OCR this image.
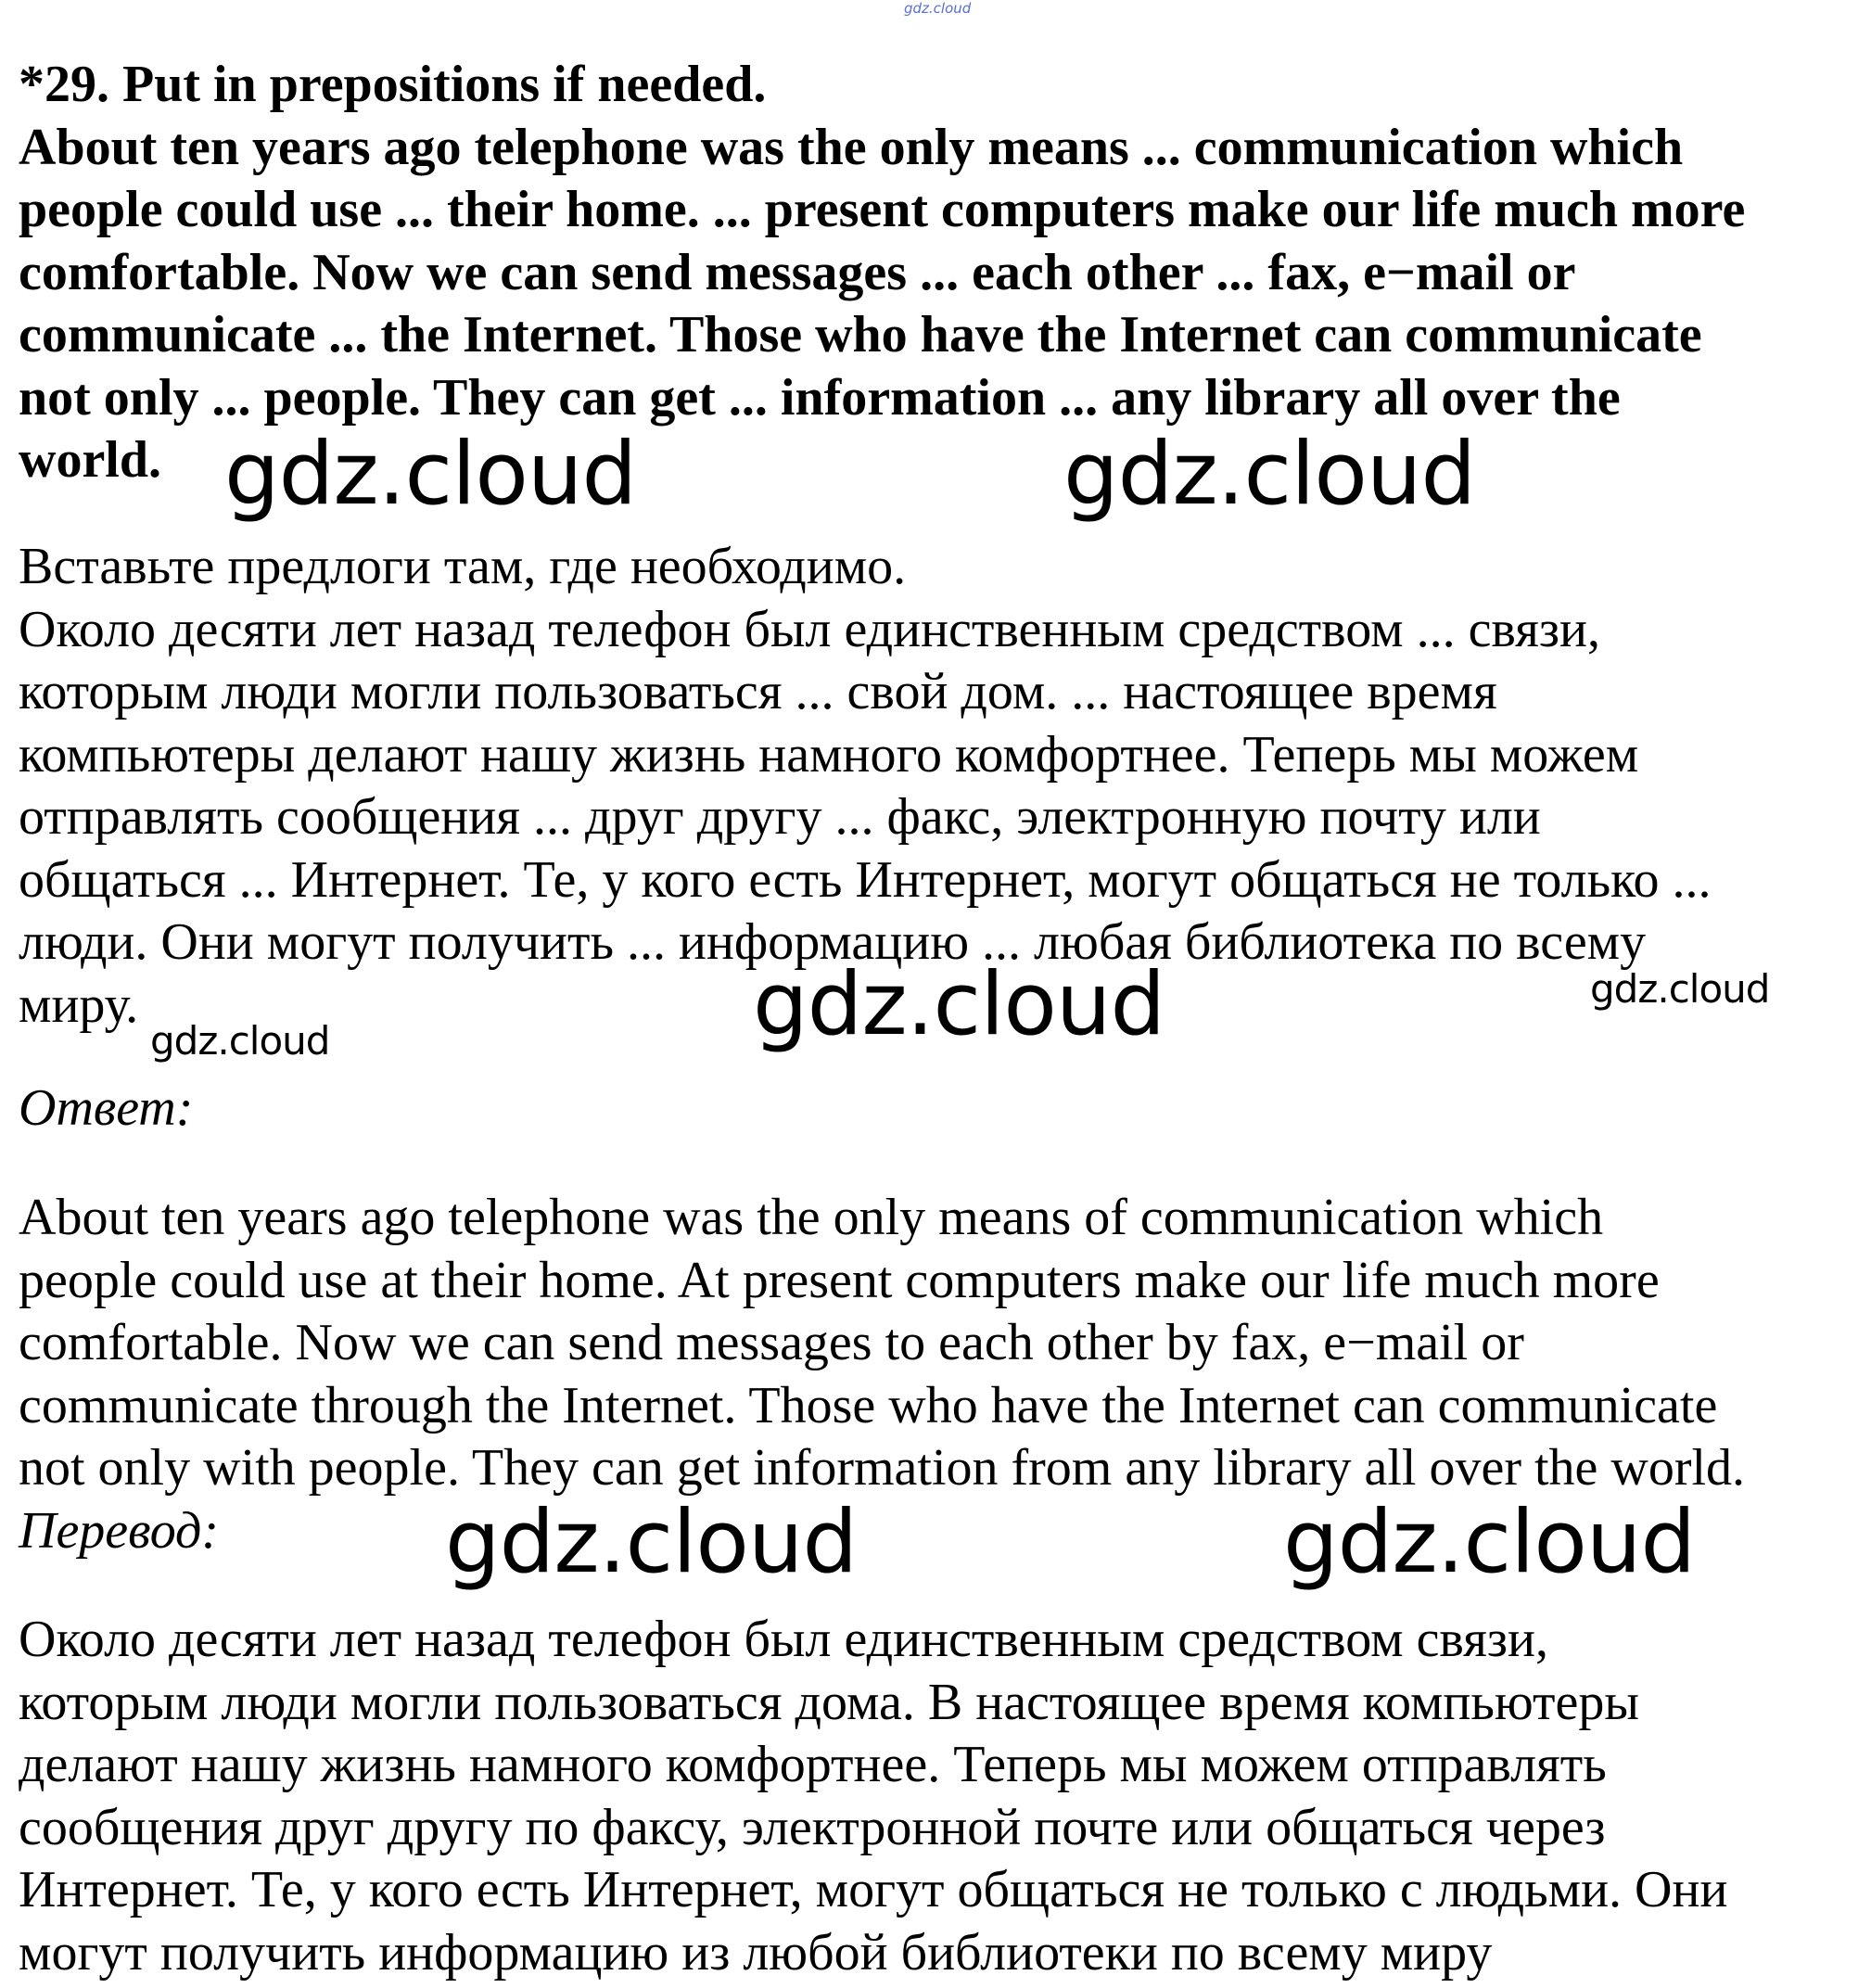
gdz.cloud
*29. Put in prepositions if needed.
About ten years ago telephone was the only means ... communication which
people could use ... their home. ... present computers make our life much more
comfortable. Now we can send messages ... each other ... fax, e−mail or
communicate ... the Internet. Those who have the Internet can communicate
not only ... people. They can get ... information ... any library all over the
world. gdz.cloud	gdz.cloud
Вставьте предлоги там, где необходимо.
Около десяти лет назад телефон был единственным средством ... связи,
которым люди могли пользоваться ... свой дом. ... настоящее время
компьютеры делают нашу жизнь намного комфортнее. Теперь мы можем
отправлять сообщения ... друг другу ... факс, электронную почту или
общаться ... Интернет. Те, у кого есть Интернет, могут общаться не только ...
люди. Они могут получить ... информацию ... любая библиотека по всему
миру.	gdz.cloud	gdz.cloud
gdz.cloud
Ответ:
About ten years ago telephone was the only means of communication which
people could use at their home. At present computers make our life much more
comfortable. Now we can send messages to each other by fax, e−mail or
communicate through the Internet. Those who have the Internet can communicate
not only with people. They can get information from any library all over the world.
Перевод:	gdz.cloud	gdz.cloud
Около десяти лет назад телефон был единственным средством связи,
которым люди могли пользоваться дома. В настоящее время компьютеры
делают нашу жизнь намного комфортнее. Теперь мы можем отправлять
сообщения друг другу по факсу, электронной почте или общаться через
Интернет. Те, у кого есть Интернет, могут общаться не только с людьми. Они
могут получить информацию из любой библиотеки по всему миру
